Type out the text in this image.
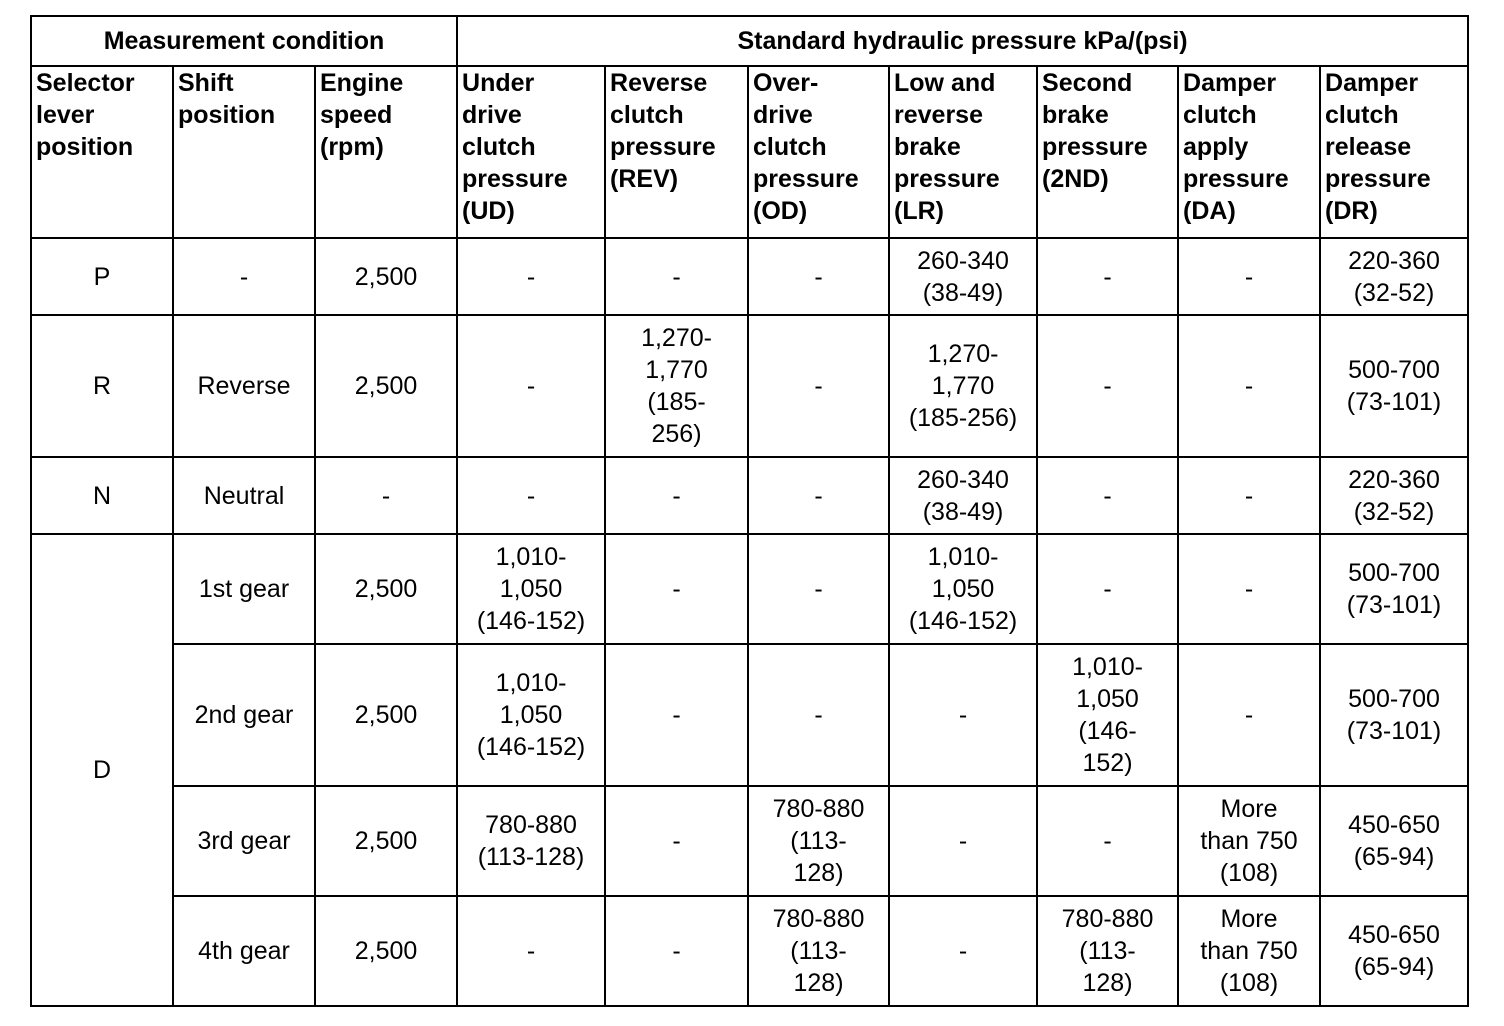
Measurement condition			Standard hydraulic pressure kPa/(psi)						

Selector
lever
position	Shift
position	Engine
speed
(rpm)	Under
drive
clutch
pressure
(UD)	Reverse
clutch
pressure
(REV)	Over-
drive
clutch
pressure
(OD)	Low and
reverse
brake
pressure
(LR)	Second
brake
pressure
(2ND)	Damper
clutch
apply
pressure
(DA)	Damper
clutch
release
pressure
(DR)

P	-	2,500	-	-	-	260-340
(38-49)	-	-	220-360
(32-52)

R	Reverse	2,500	-	1,270-
1,770
(185-
256)	-	1,270-
1,770
(185-256)	-	-	500-700
(73-101)

N	Neutral	-	-	-	-	260-340
(38-49)	-	-	220-360
(32-52)

D	1st gear	2,500	1,010-
1,050
(146-152)	-	-	1,010-
1,050
(146-152)	-	-	500-700
(73-101)

	2nd gear	2,500	1,010-
1,050
(146-152)	-	-	-	1,010-
1,050
(146-
152)	-	500-700
(73-101)

	3rd gear	2,500	780-880
(113-128)	-	780-880
(113-
128)	-	-	More
than 750
(108)	450-650
(65-94)

	4th gear	2,500	-	-	780-880
(113-
128)	-	780-880
(113-
128)	More
than 750
(108)	450-650
(65-94)
